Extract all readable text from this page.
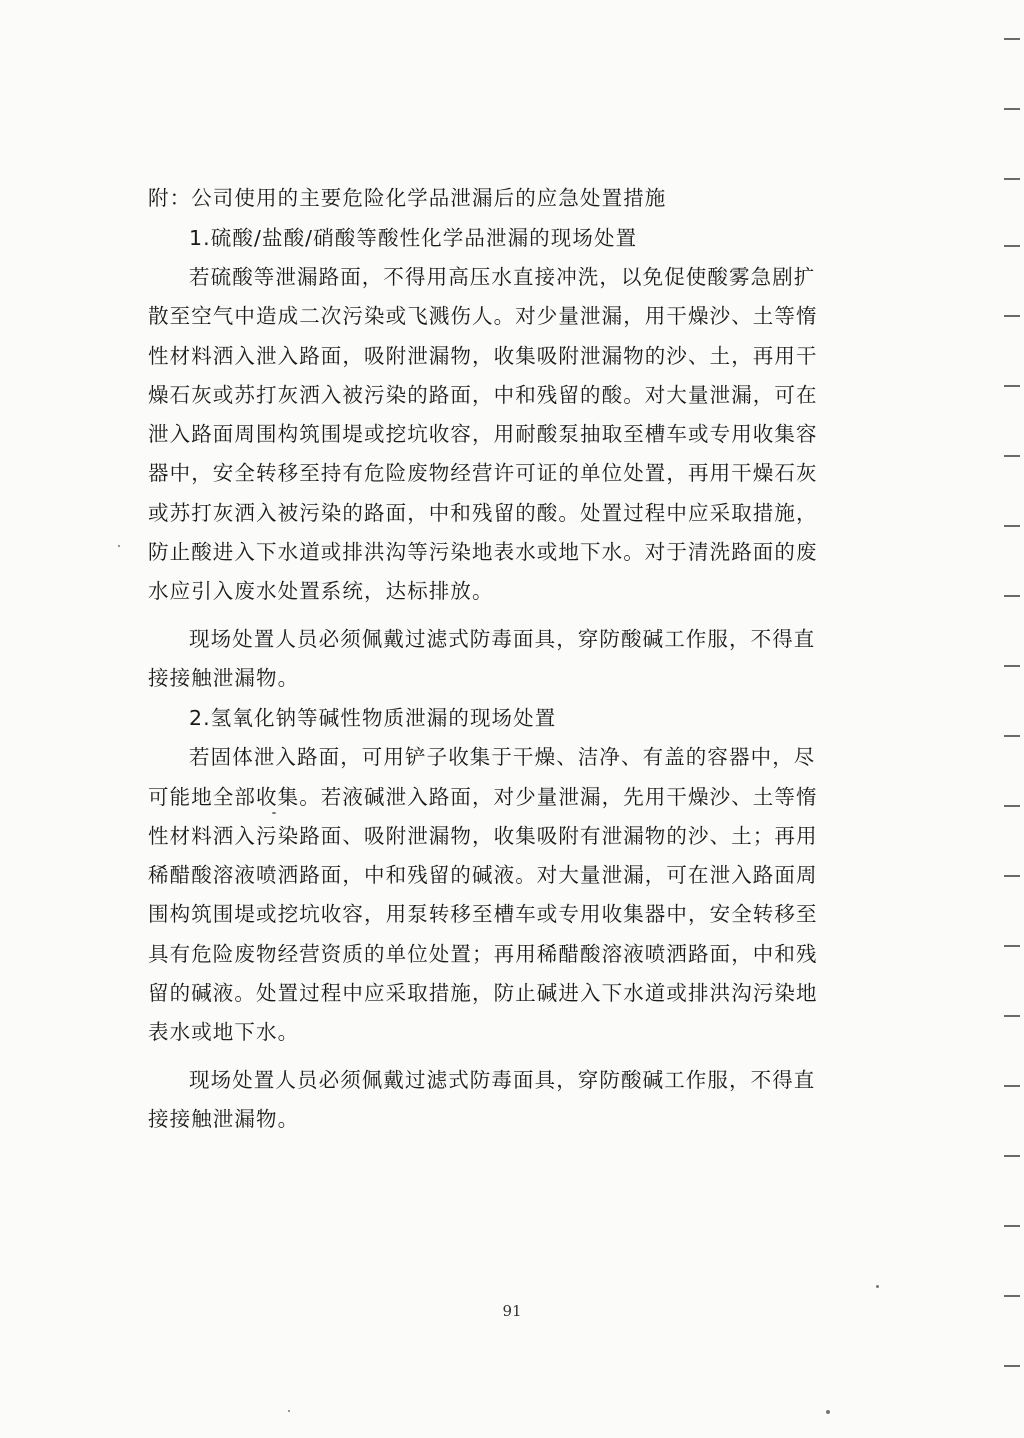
附：公司使用的主要危险化学品泄漏后的应急处置措施
1.硫酸/盐酸/硝酸等酸性化学品泄漏的现场处置
若硫酸等泄漏路面，不得用高压水直接冲洗，以免促使酸雾急剧扩
散至空气中造成二次污染或飞溅伤人。对少量泄漏，用干燥沙、土等惰
性材料洒入泄入路面，吸附泄漏物，收集吸附泄漏物的沙、土，再用干
燥石灰或苏打灰洒入被污染的路面，中和残留的酸。对大量泄漏，可在
泄入路面周围构筑围堤或挖坑收容，用耐酸泵抽取至槽车或专用收集容
器中，安全转移至持有危险废物经营许可证的单位处置，再用干燥石灰
或苏打灰洒入被污染的路面，中和残留的酸。处置过程中应采取措施，
防止酸进入下水道或排洪沟等污染地表水或地下水。对于清洗路面的废
水应引入废水处置系统，达标排放。
现场处置人员必须佩戴过滤式防毒面具，穿防酸碱工作服，不得直
接接触泄漏物。
2.氢氧化钠等碱性物质泄漏的现场处置
若固体泄入路面，可用铲子收集于干燥、洁净、有盖的容器中，尽
可能地全部收集。若液碱泄入路面，对少量泄漏，先用干燥沙、土等惰
性材料洒入污染路面、吸附泄漏物，收集吸附有泄漏物的沙、土；再用
稀醋酸溶液喷洒路面，中和残留的碱液。对大量泄漏，可在泄入路面周
围构筑围堤或挖坑收容，用泵转移至槽车或专用收集器中，安全转移至
具有危险废物经营资质的单位处置；再用稀醋酸溶液喷洒路面，中和残
留的碱液。处置过程中应采取措施，防止碱进入下水道或排洪沟污染地
表水或地下水。
现场处置人员必须佩戴过滤式防毒面具，穿防酸碱工作服，不得直
接接触泄漏物。
91
